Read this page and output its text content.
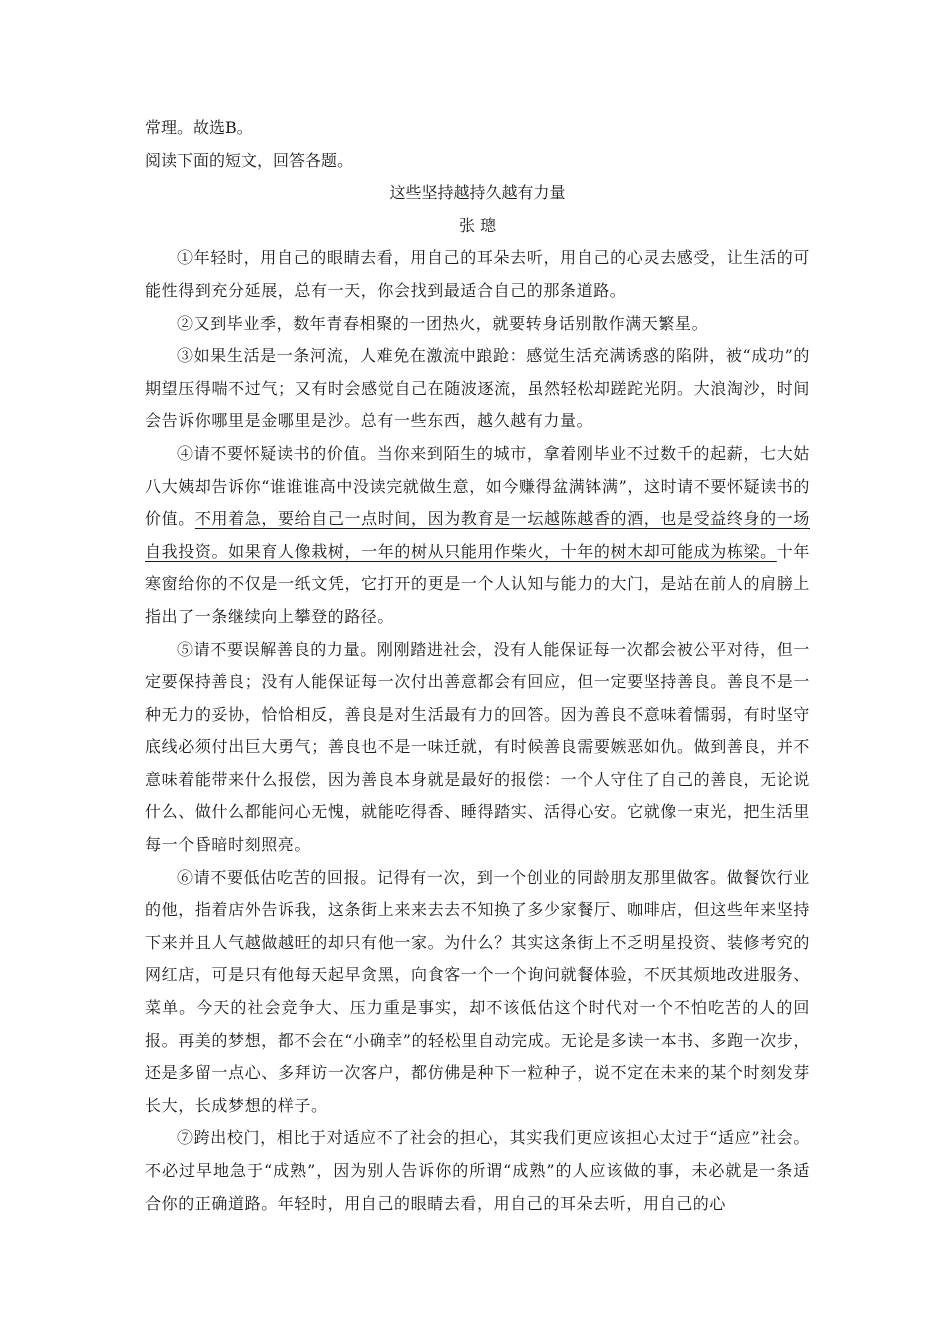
常理。故选B。

阅读下面的短文，回答各题。

这些坚持越持久越有力量

张 璁

①年轻时，用自己的眼睛去看，用自己的耳朵去听，用自己的心灵去感受，让生活的可能性得到充分延展，总有一天，你会找到最适合自己的那条道路。

②又到毕业季，数年青春相聚的一团热火，就要转身话别散作满天繁星。

③如果生活是一条河流，人难免在激流中踉跄：感觉生活充满诱惑的陷阱，被“成功”的期望压得喘不过气；又有时会感觉自己在随波逐流，虽然轻松却蹉跎光阴。大浪淘沙，时间会告诉你哪里是金哪里是沙。总有一些东西，越久越有力量。

④请不要怀疑读书的价值。当你来到陌生的城市，拿着刚毕业不过数千的起薪，七大姑八大姨却告诉你“谁谁谁高中没读完就做生意，如今赚得盆满钵满”，这时请不要怀疑读书的价值。不用着急，要给自己一点时间，因为教育是一坛越陈越香的酒，也是受益终身的一场自我投资。如果育人像栽树，一年的树从只能用作柴火，十年的树木却可能成为栋梁。十年寒窗给你的不仅是一纸文凭，它打开的更是一个人认知与能力的大门，是站在前人的肩膀上指出了一条继续向上攀登的路径。

⑤请不要误解善良的力量。刚刚踏进社会，没有人能保证每一次都会被公平对待，但一定要保持善良；没有人能保证每一次付出善意都会有回应，但一定要坚持善良。善良不是一种无力的妥协，恰恰相反，善良是对生活最有力的回答。因为善良不意味着懦弱，有时坚守底线必须付出巨大勇气；善良也不是一味迁就，有时候善良需要嫉恶如仇。做到善良，并不意味着能带来什么报偿，因为善良本身就是最好的报偿：一个人守住了自己的善良，无论说什么、做什么都能问心无愧，就能吃得香、睡得踏实、活得心安。它就像一束光，把生活里每一个昏暗时刻照亮。

⑥请不要低估吃苦的回报。记得有一次，到一个创业的同龄朋友那里做客。做餐饮行业的他，指着店外告诉我，这条街上来来去去不知换了多少家餐厅、咖啡店，但这些年来坚持下来并且人气越做越旺的却只有他一家。为什么？其实这条街上不乏明星投资、装修考究的网红店，可是只有他每天起早贪黑，向食客一个一个询问就餐体验，不厌其烦地改进服务、菜单。今天的社会竞争大、压力重是事实，却不该低估这个时代对一个不怕吃苦的人的回报。再美的梦想，都不会在“小确幸”的轻松里自动完成。无论是多读一本书、多跑一次步，还是多留一点心、多拜访一次客户，都仿佛是种下一粒种子，说不定在未来的某个时刻发芽长大，长成梦想的样子。

⑦跨出校门，相比于对适应不了社会的担心，其实我们更应该担心太过于“适应”社会。 不必过早地急于“成熟”，因为别人告诉你的所谓“成熟”的人应该做的事，未必就是一条适合你的正确道路。年轻时，用自己的眼睛去看，用自己的耳朵去听，用自己的心
